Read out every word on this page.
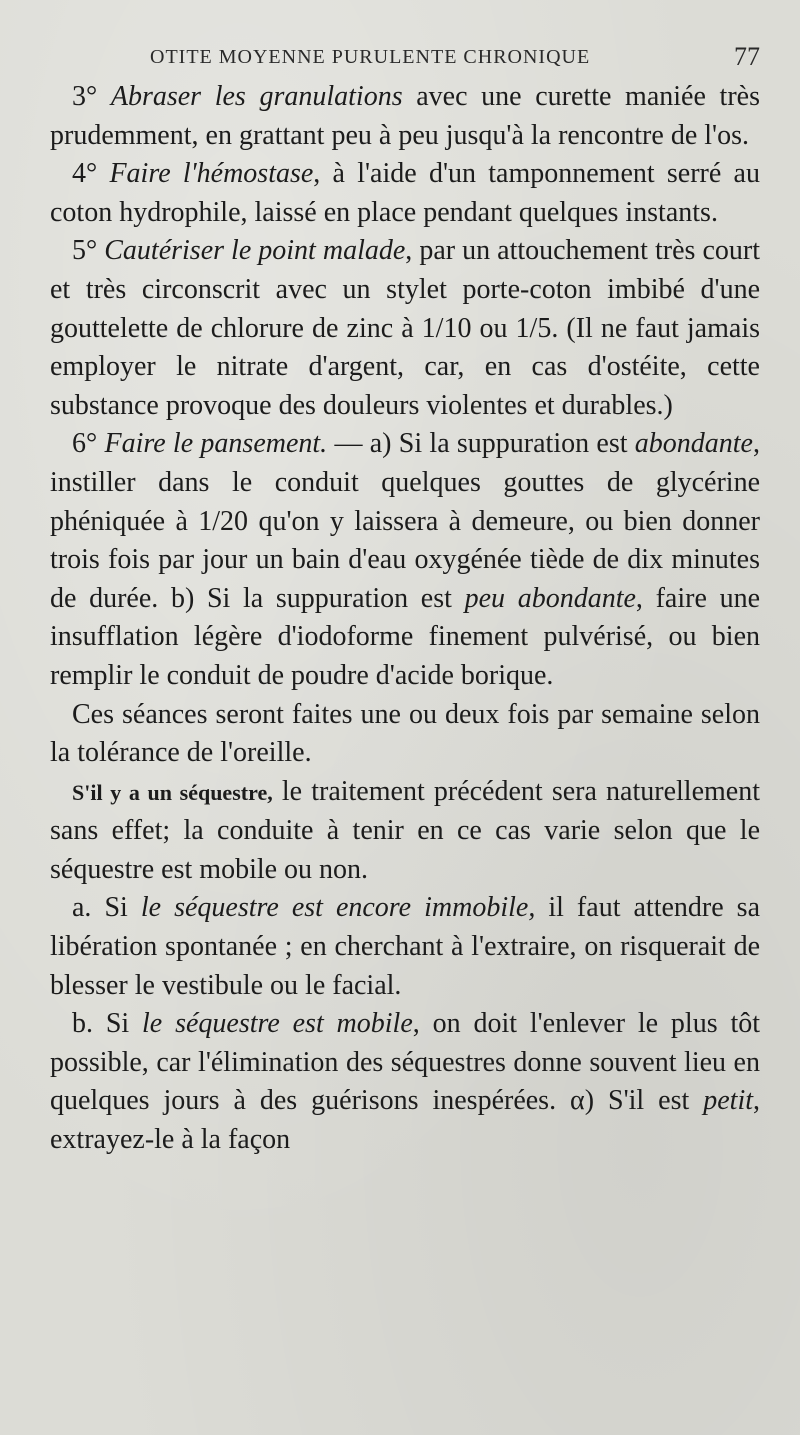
OTITE MOYENNE PURULENTE CHRONIQUE	77

3° Abraser les granulations avec une curette maniée très prudemment, en grattant peu à peu jusqu'à la rencontre de l'os.

4° Faire l'hémostase, à l'aide d'un tamponnement serré au coton hydrophile, laissé en place pendant quelques instants.

5° Cautériser le point malade, par un attouchement très court et très circonscrit avec un stylet porte-coton imbibé d'une gouttelette de chlorure de zinc à 1/10 ou 1/5. (Il ne faut jamais employer le nitrate d'argent, car, en cas d'ostéite, cette substance provoque des douleurs violentes et durables.)

6° Faire le pansement. — a) Si la suppuration est abondante, instiller dans le conduit quelques gouttes de glycérine phéniquée à 1/20 qu'on y laissera à demeure, ou bien donner trois fois par jour un bain d'eau oxygénée tiède de dix minutes de durée. b) Si la suppuration est peu abondante, faire une insufflation légère d'iodoforme finement pulvérisé, ou bien remplir le conduit de poudre d'acide borique.

Ces séances seront faites une ou deux fois par semaine selon la tolérance de l'oreille.

S'il y a un séquestre, le traitement précédent sera naturellement sans effet; la conduite à tenir en ce cas varie selon que le séquestre est mobile ou non.

a. Si le séquestre est encore immobile, il faut attendre sa libération spontanée ; en cherchant à l'extraire, on risquerait de blesser le vestibule ou le facial.

b. Si le séquestre est mobile, on doit l'enlever le plus tôt possible, car l'élimination des séquestres donne souvent lieu en quelques jours à des guérisons inespérées. α) S'il est petit, extrayez-le à la façon
